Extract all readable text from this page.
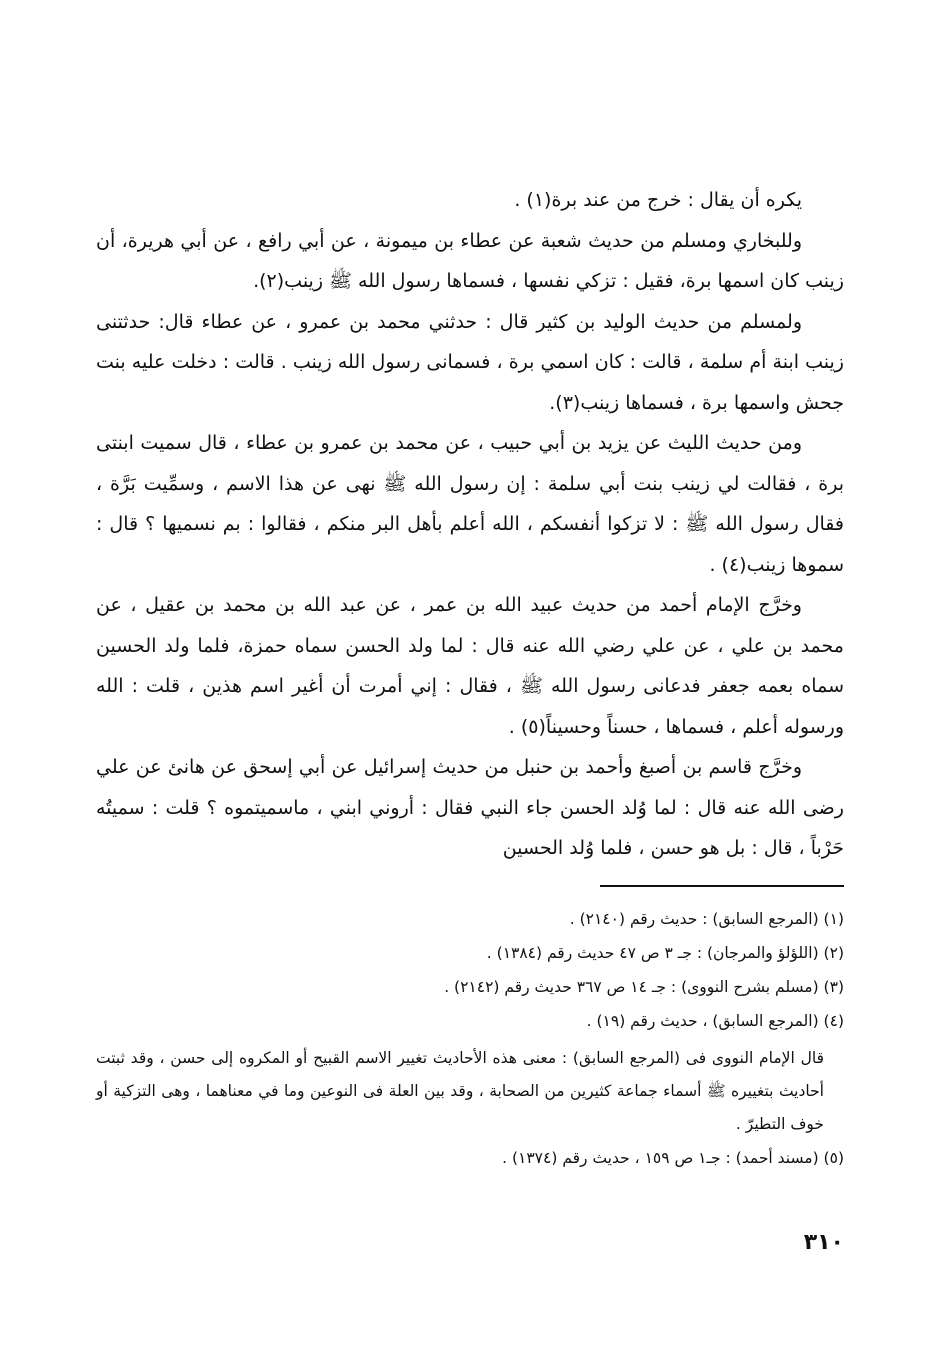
يكره أن يقال : خرج من عند برة(١) .

وللبخاري ومسلم من حديث شعبة عن عطاء بن ميمونة ، عن أبي رافع ، عن أبي هريرة، أن زينب كان اسمها برة، فقيل : تزكي نفسها ، فسماها رسول الله ﷺ زينب(٢).

ولمسلم من حديث الوليد بن كثير قال : حدثني محمد بن عمرو ، عن عطاء قال: حدثتنى زينب ابنة أم سلمة ، قالت : كان اسمي برة ، فسمانى رسول الله زينب . قالت : دخلت عليه بنت جحش واسمها برة ، فسماها زينب(٣).

ومن حديث الليث عن يزيد بن أبي حبيب ، عن محمد بن عمرو بن عطاء ، قال سميت ابنتى برة ، فقالت لي زينب بنت أبي سلمة : إن رسول الله ﷺ نهى عن هذا الاسم ، وسمِّيت بَرَّة ، فقال رسول الله ﷺ : لا تزكوا أنفسكم ، الله أعلم بأهل البر منكم ، فقالوا : بم نسميها ؟ قال : سموها زينب(٤) .

وخرَّج الإمام أحمد من حديث عبيد الله بن عمر ، عن عبد الله بن محمد بن عقيل ، عن محمد بن علي ، عن علي رضي الله عنه قال : لما ولد الحسن سماه حمزة، فلما ولد الحسين سماه بعمه جعفر فدعانى رسول الله ﷺ ، فقال : إني أمرت أن أغير اسم هذين ، قلت : الله ورسوله أعلم ، فسماها ، حسناً وحسيناً(٥) .

وخرَّج قاسم بن أصبغ وأحمد بن حنبل من حديث إسرائيل عن أبي إسحق عن هانئ عن علي رضى الله عنه قال : لما وُلد الحسن جاء النبي فقال : أروني ابني ، ماسميتموه ؟ قلت : سميتُه حَرْباً ، قال : بل هو حسن ، فلما وُلد الحسين

(١) (المرجع السابق) : حديث رقم (٢١٤٠) .

(٢) (اللؤلؤ والمرجان) : جـ ٣ ص ٤٧ حديث رقم (١٣٨٤) .

(٣) (مسلم بشرح النووى) : جـ ١٤ ص ٣٦٧ حديث رقم (٢١٤٢) .

(٤) (المرجع السابق) ، حديث رقم (١٩) .

قال الإمام النووى فى (المرجع السابق) : معنى هذه الأحاديث تغيير الاسم القبيح أو المكروه إلى حسن ، وقد ثبتت أحاديث بتغييره ﷺ أسماء جماعة كثيرين من الصحابة ، وقد بين العلة فى النوعين وما في معناهما ، وهى التزكية أو خوف التطيرّ .

(٥) (مسند أحمد) : جـ١ ص ١٥٩ ، حديث رقم (١٣٧٤) .

٣١٠
